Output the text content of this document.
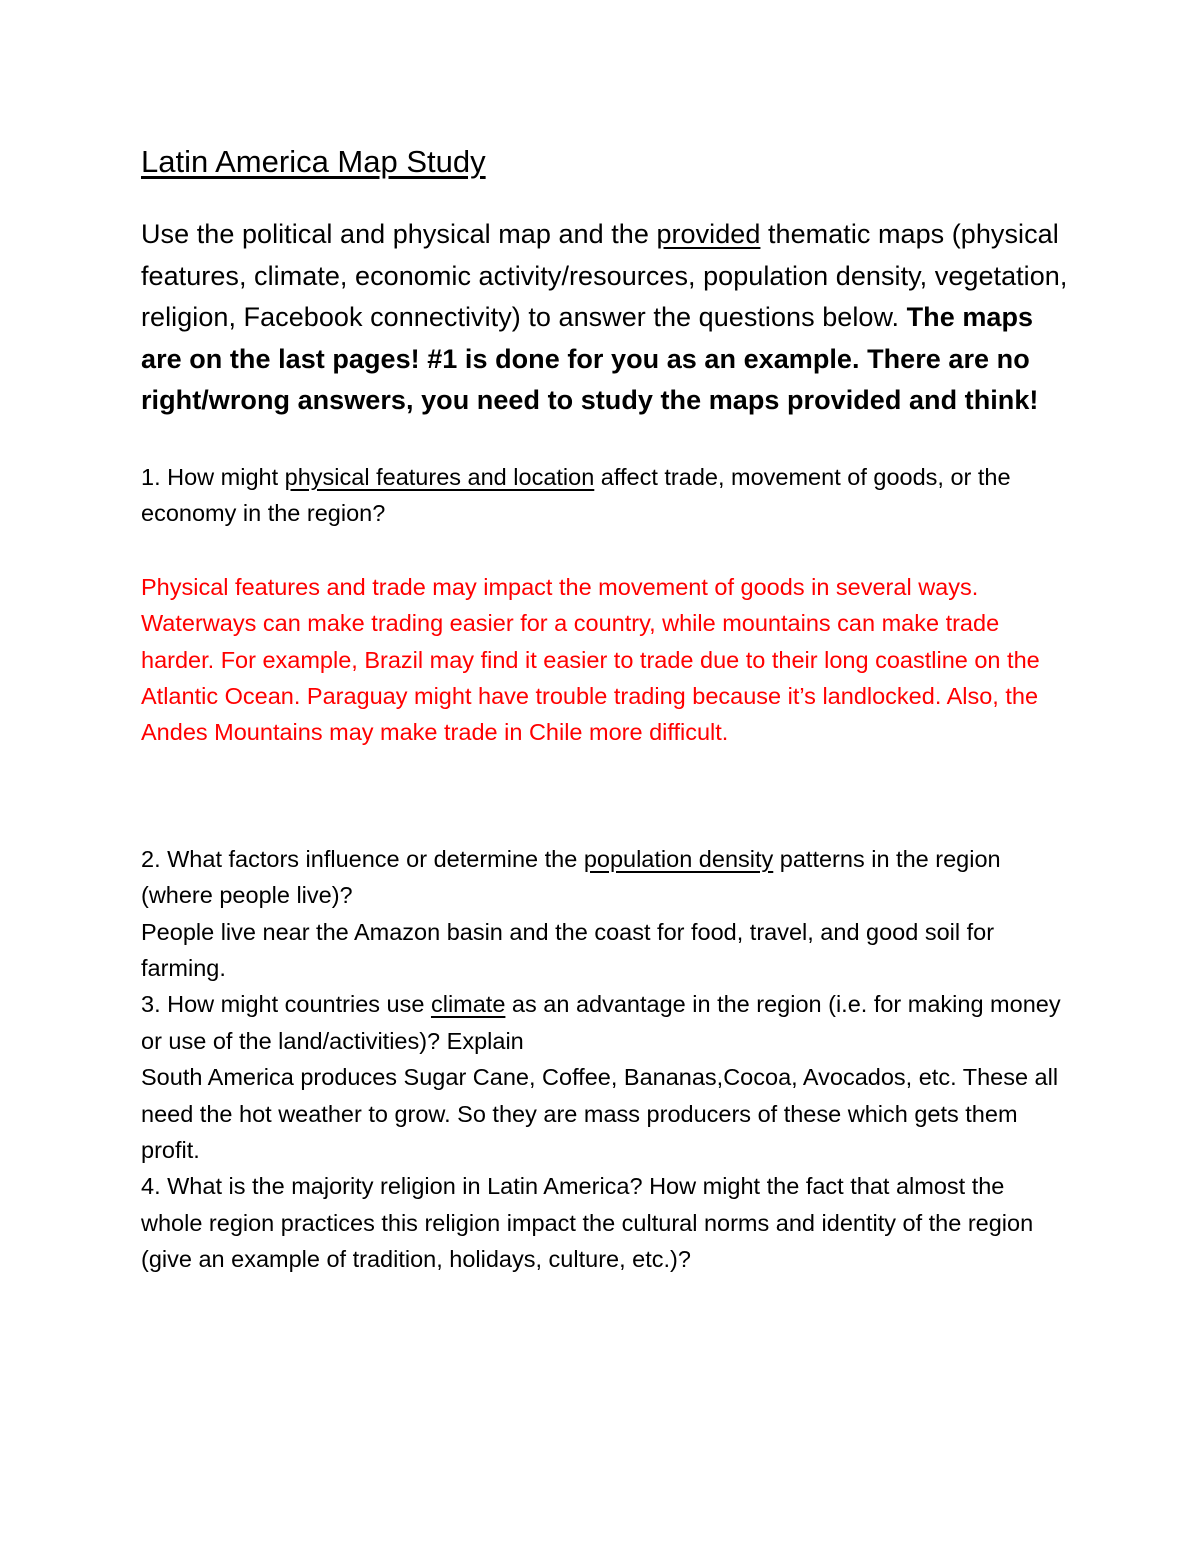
Latin America Map Study

Use the political and physical map and the provided thematic maps (physical features, climate, economic activity/resources, population density, vegetation, religion, Facebook connectivity) to answer the questions below. The maps are on the last pages! #1 is done for you as an example. There are no right/wrong answers, you need to study the maps provided and think!

1. How might physical features and location affect trade, movement of goods, or the economy in the region?

Physical features and trade may impact the movement of goods in several ways. Waterways can make trading easier for a country, while mountains can make trade harder. For example, Brazil may find it easier to trade due to their long coastline on the Atlantic Ocean. Paraguay might have trouble trading because it’s landlocked. Also, the Andes Mountains may make trade in Chile more difficult.

2. What factors influence or determine the population density patterns in the region (where people live)?

People live near the Amazon basin and the coast for food, travel, and good soil for farming.

3. How might countries use climate as an advantage in the region (i.e. for making money or use of the land/activities)? Explain

South America produces Sugar Cane, Coffee, Bananas,Cocoa, Avocados, etc. These all need the hot weather to grow. So they are mass producers of these which gets them profit.

4. What is the majority religion in Latin America? How might the fact that almost the whole region practices this religion impact the cultural norms and identity of the region (give an example of tradition, holidays, culture, etc.)?
